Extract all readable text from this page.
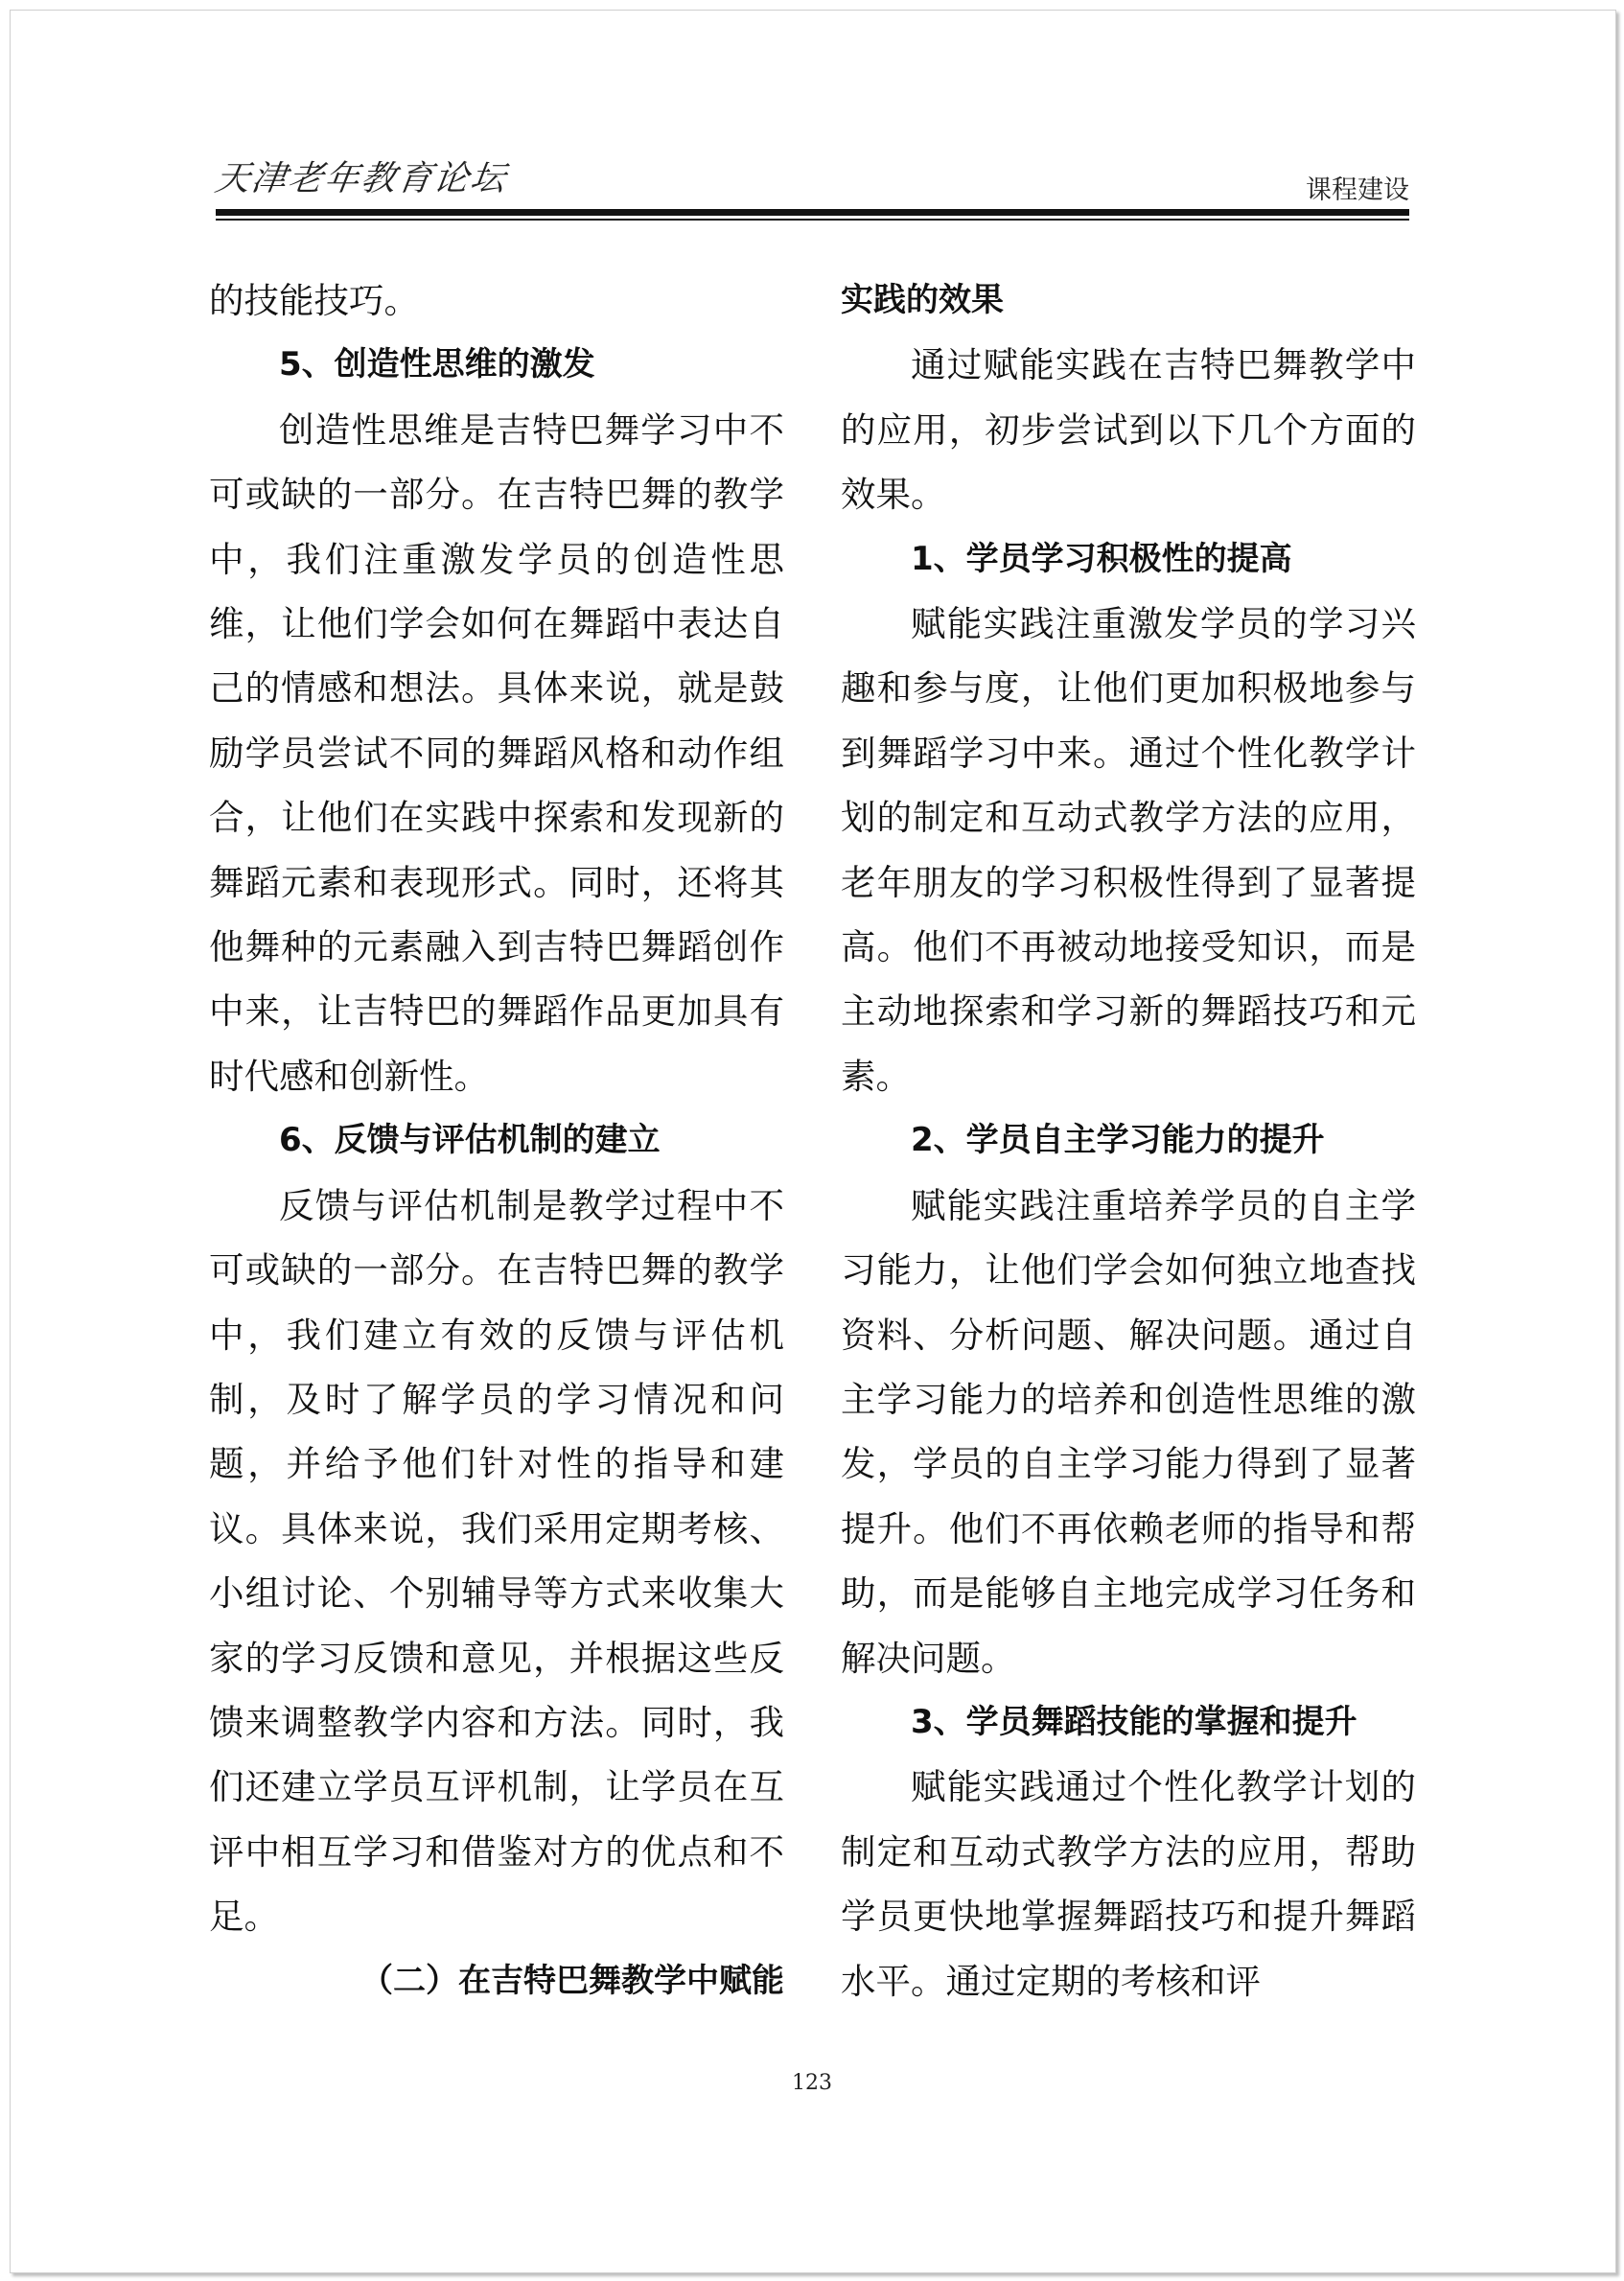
天津老年教育论坛	课程建设

的技能技巧。

5、创造性思维的激发

创造性思维是吉特巴舞学习中不可或缺的一部分。在吉特巴舞的教学中，我们注重激发学员的创造性思维，让他们学会如何在舞蹈中表达自己的情感和想法。具体来说，就是鼓励学员尝试不同的舞蹈风格和动作组合，让他们在实践中探索和发现新的舞蹈元素和表现形式。同时，还将其他舞种的元素融入到吉特巴舞蹈创作中来，让吉特巴的舞蹈作品更加具有时代感和创新性。

6、反馈与评估机制的建立

反馈与评估机制是教学过程中不可或缺的一部分。在吉特巴舞的教学中，我们建立有效的反馈与评估机制，及时了解学员的学习情况和问题，并给予他们针对性的指导和建议。具体来说，我们采用定期考核、小组讨论、个别辅导等方式来收集大家的学习反馈和意见，并根据这些反馈来调整教学内容和方法。同时，我们还建立学员互评机制，让学员在互评中相互学习和借鉴对方的优点和不足。

（二）在吉特巴舞教学中赋能

实践的效果

通过赋能实践在吉特巴舞教学中的应用，初步尝试到以下几个方面的效果。

1、学员学习积极性的提高

赋能实践注重激发学员的学习兴趣和参与度，让他们更加积极地参与到舞蹈学习中来。通过个性化教学计划的制定和互动式教学方法的应用，老年朋友的学习积极性得到了显著提高。他们不再被动地接受知识，而是主动地探索和学习新的舞蹈技巧和元素。

2、学员自主学习能力的提升

赋能实践注重培养学员的自主学习能力，让他们学会如何独立地查找资料、分析问题、解决问题。通过自主学习能力的培养和创造性思维的激发，学员的自主学习能力得到了显著提升。他们不再依赖老师的指导和帮助，而是能够自主地完成学习任务和解决问题。

3、学员舞蹈技能的掌握和提升

赋能实践通过个性化教学计划的制定和互动式教学方法的应用，帮助学员更快地掌握舞蹈技巧和提升舞蹈水平。通过定期的考核和评

123
